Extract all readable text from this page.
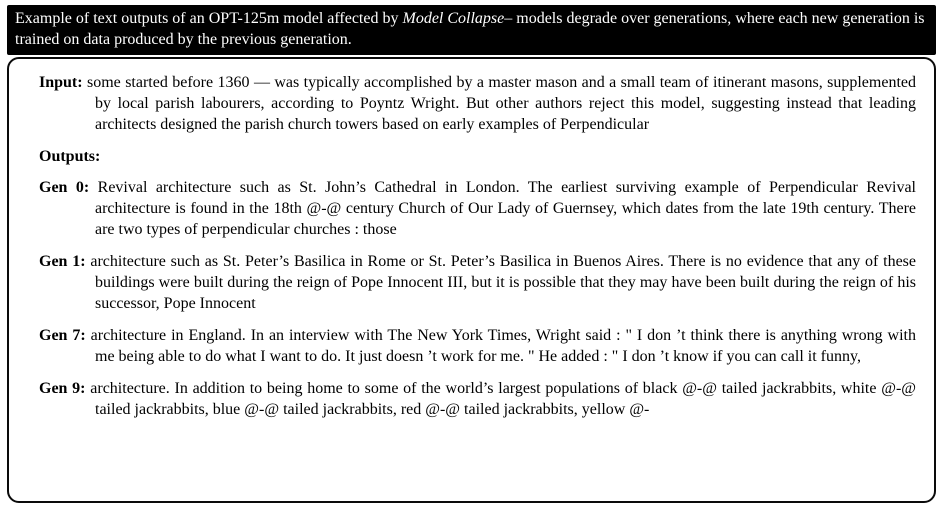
Example of text outputs of an OPT-125m model affected by Model Collapse– models degrade over generations, where each new generation is trained on data produced by the previous generation.

Input: some started before 1360 — was typically accomplished by a master mason and a small team of itinerant masons, supplemented by local parish labourers, according to Poyntz Wright. But other authors reject this model, suggesting instead that leading architects designed the parish church towers based on early examples of Perpendicular

Outputs:

Gen 0: Revival architecture such as St. John’s Cathedral in London. The earliest surviving example of Perpendicular Revival architecture is found in the 18th @-@ century Church of Our Lady of Guernsey, which dates from the late 19th century. There are two types of perpendicular churches : those

Gen 1: architecture such as St. Peter’s Basilica in Rome or St. Peter’s Basilica in Buenos Aires. There is no evidence that any of these buildings were built during the reign of Pope Innocent III, but it is possible that they may have been built during the reign of his successor, Pope Innocent

Gen 7: architecture in England. In an interview with The New York Times, Wright said : " I don ’t think there is anything wrong with me being able to do what I want to do. It just doesn ’t work for me. " He added : " I don ’t know if you can call it funny,

Gen 9: architecture. In addition to being home to some of the world’s largest populations of black @-@ tailed jackrabbits, white @-@ tailed jackrabbits, blue @-@ tailed jackrabbits, red @-@ tailed jackrabbits, yellow @-
